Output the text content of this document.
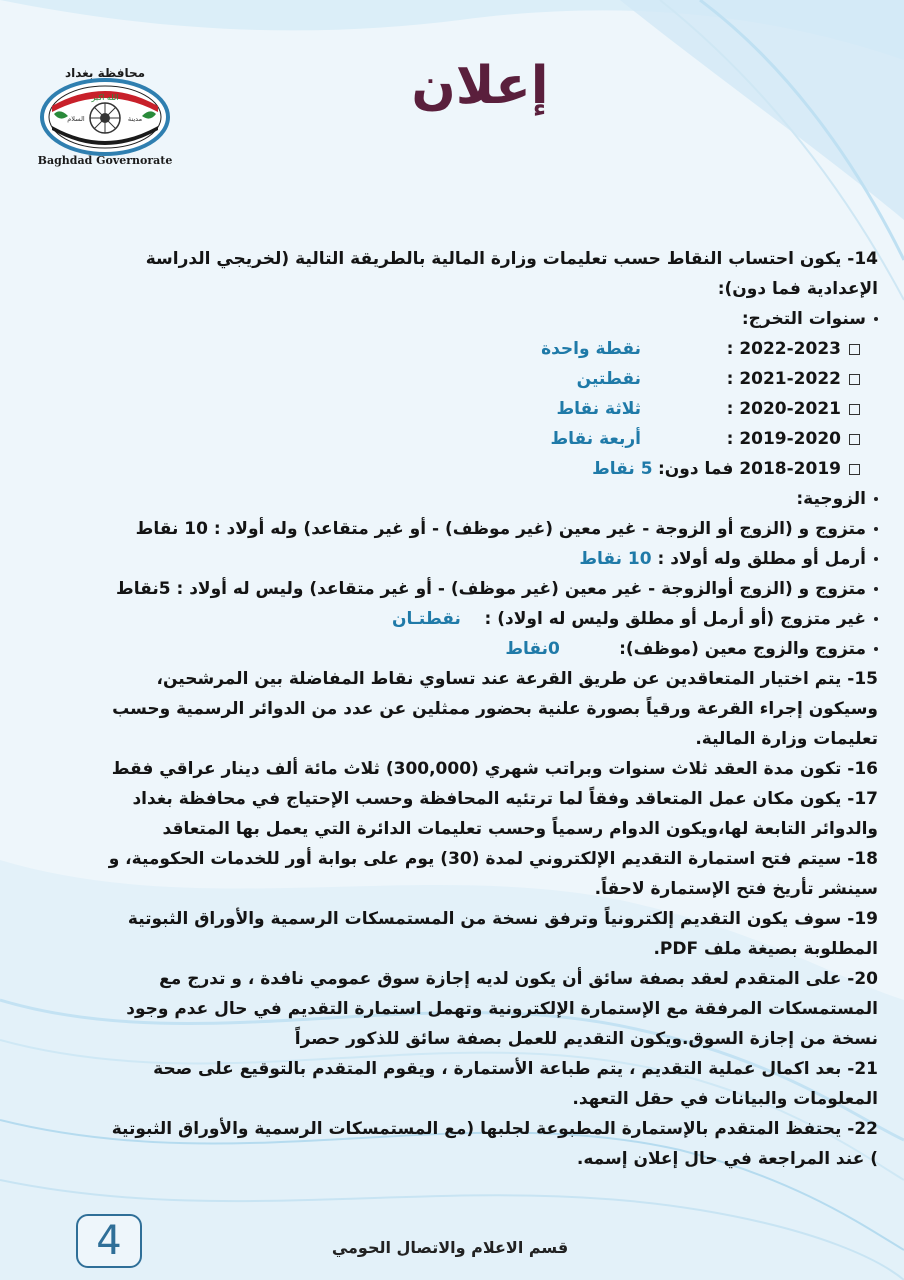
محافظة بغداد
الله اكبر
السلام	مدينة
Baghdad Governorate
إعلان

14- يكون احتساب النقاط حسب تعليمات وزارة المالية بالطريقة التالية (لخريجي الدراسة
الإعدادية فما دون):

سنوات التخرج:
2022-2023 :نقطة واحدة
2021-2022 :نقطتين
2020-2021 :ثلاثة نقاط
2019-2020 :أربعة نقاط
2018-2019 فما دون: 5 نقاط
الزوجية:
متزوج و (الزوج أو الزوجة - غير معين (غير موظف) - أو غير متقاعد) وله أولاد : 10 نقاط
أرمل أو مطلق وله أولاد : 10 نقاط
متزوج و (الزوج أوالزوجة - غير معين (غير موظف) - أو غير متقاعد) وليس له أولاد : 5نقاط
غير متزوج (أو أرمل أو مطلق وليس له اولاد) :    نقطتـان
متزوج والزوج معين (موظف):          0نقاط

15- يتم اختيار المتعاقدين عن طريق القرعة عند تساوي نقاط المفاضلة بين المرشحين،
وسيكون إجراء القرعة ورقياً بصورة علنية بحضور ممثلين عن عدد من الدوائر الرسمية وحسب
تعليمات وزارة المالية.

16- تكون مدة العقد ثلاث سنوات وبراتب شهري (300,000) ثلاث مائة ألف دينار عراقي فقط

17- يكون مكان عمل المتعاقد وفقاً لما ترتئيه المحافظة وحسب الإحتياج في محافظة بغداد
والدوائر التابعة لها،ويكون الدوام رسمياً وحسب تعليمات الدائرة التي يعمل بها المتعاقد

18- سيتم فتح استمارة التقديم الإلكتروني لمدة (30) يوم على بوابة أور للخدمات الحكومية، و
سينشر تأريخ فتح الإستمارة لاحقاً.

19- سوف يكون التقديم إلكترونياً وترفق نسخة من المستمسكات الرسمية والأوراق الثبوتية
المطلوبة بصيغة ملف PDF.

20- على المتقدم لعقد بصفة سائق أن يكون لديه إجازة سوق عمومي نافدة ، و تدرج مع
المستمسكات المرفقة مع الإستمارة الإلكترونية وتهمل استمارة التقديم في حال عدم وجود
نسخة من إجازة السوق.ويكون التقديم للعمل بصفة سائق للذكور حصراً

21- بعد اكمال عملية التقديم ، يتم طباعة الأستمارة ، ويقوم المتقدم بالتوقيع على صحة
المعلومات والبيانات في حقل التعهد.

22- يحتفظ المتقدم بالإستمارة المطبوعة لجلبها (مع المستمسكات الرسمية والأوراق الثبوتية
) عند المراجعة في حال إعلان إسمه.

4	قسم الاعلام والاتصال الحومي
